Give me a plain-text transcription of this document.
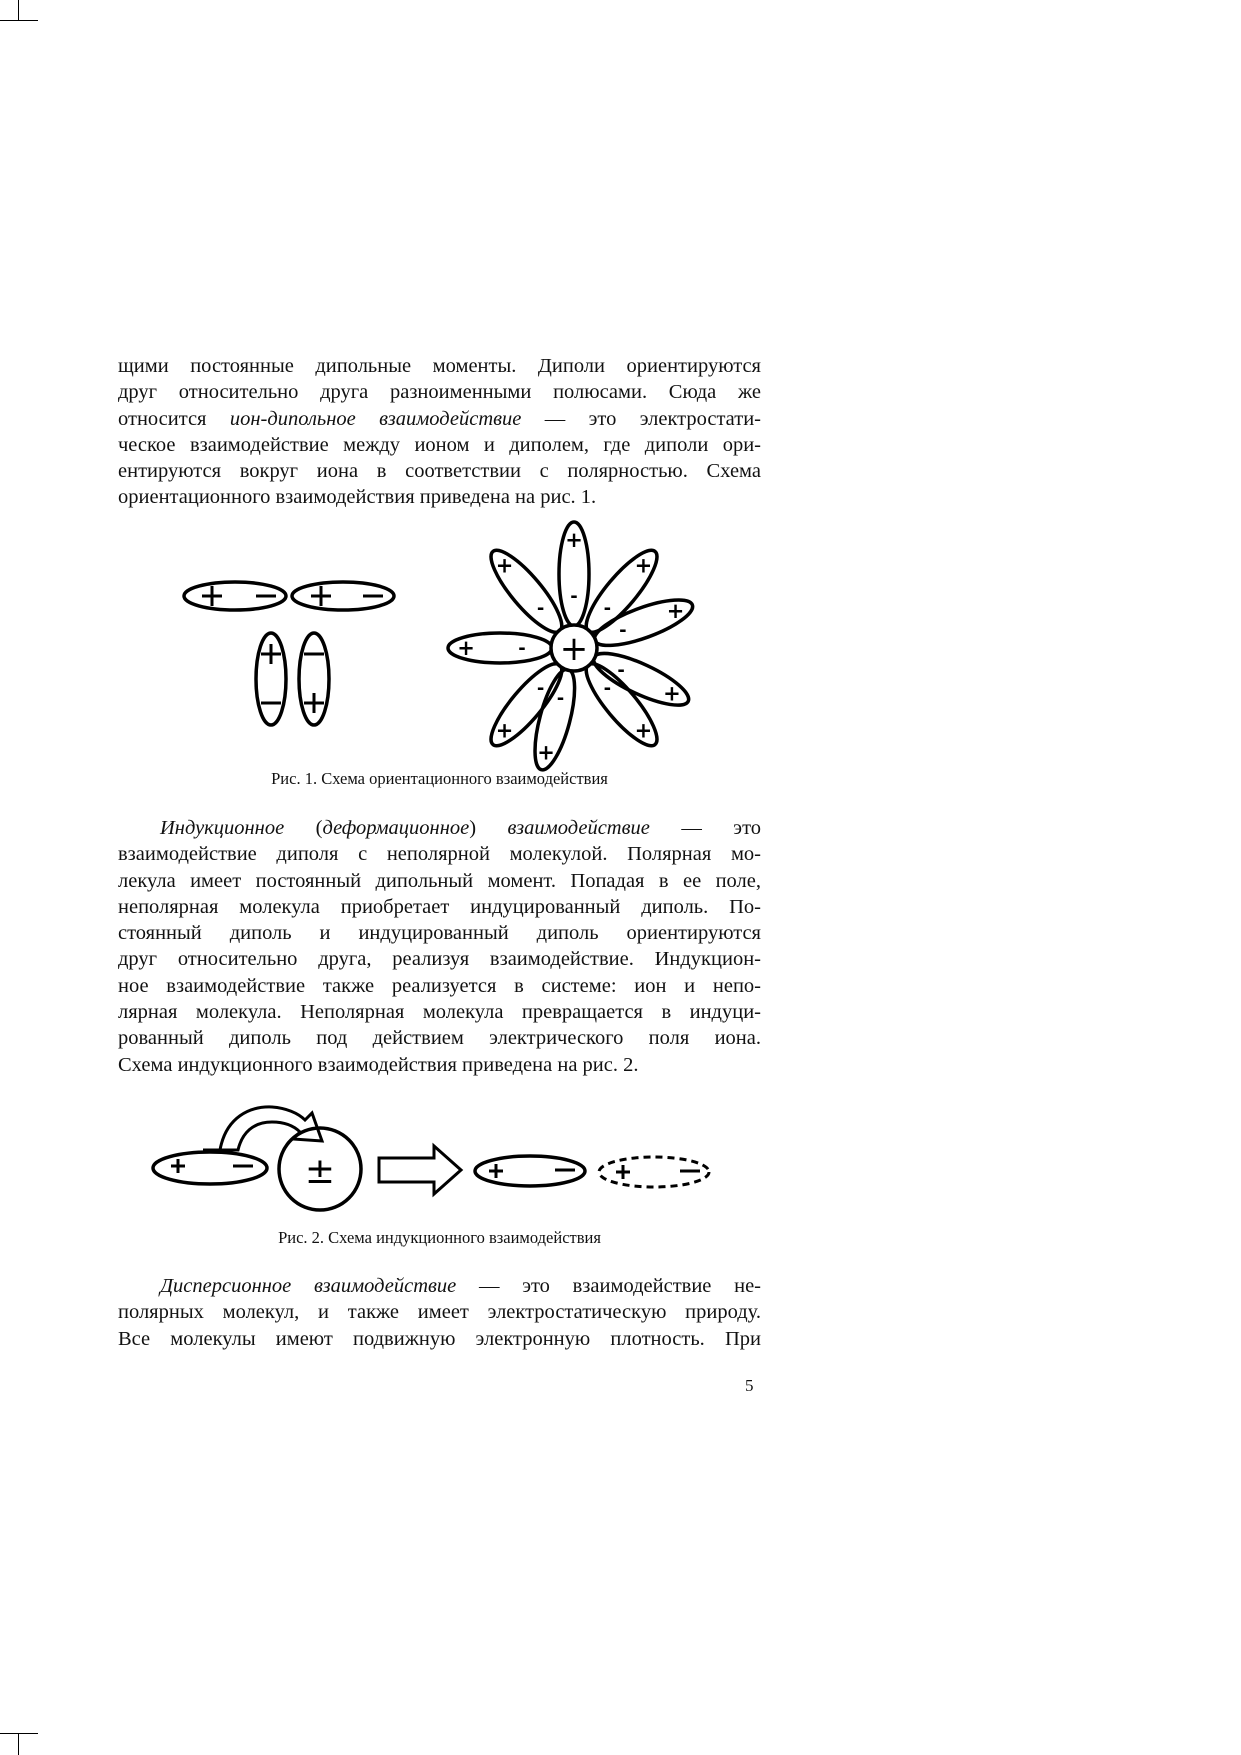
щими постоянные дипольные моменты. Диполи ориентируются
друг относительно друга разноименными полюсами. Сюда же
относится ион-дипольное взаимодействие — это электростати-
ческое взаимодействие между ионом и диполем, где диполи ори-
ентируются вокруг иона в соответствии с полярностью. Схема
ориентационного взаимодействия приведена на рис. 1.
+
-
+
-
+
-	+
-
+ -
+
-
+
-
+
-
+
-
+
Рис. 1. Схема ориентационного взаимодействия
Индукционное (деформационное) взаимодействие — это
взаимодействие диполя с неполярной молекулой. Полярная мо-
лекула имеет постоянный дипольный момент. Попадая в ее поле,
неполярная молекула приобретает индуцированный диполь. По-
стоянный диполь и индуцированный диполь ориентируются
друг относительно друга, реализуя взаимодействие. Индукцион-
ное взаимодействие также реализуется в системе: ион и непо-
лярная молекула. Неполярная молекула превращается в индуци-
рованный диполь под действием электрического поля иона.
Схема индукционного взаимодействия приведена на рис. 2.
±
Рис. 2. Схема индукционного взаимодействия
Дисперсионное взаимодействие — это взаимодействие не-
полярных молекул, и также имеет электростатическую природу.
Все молекулы имеют подвижную электронную плотность. При
5
